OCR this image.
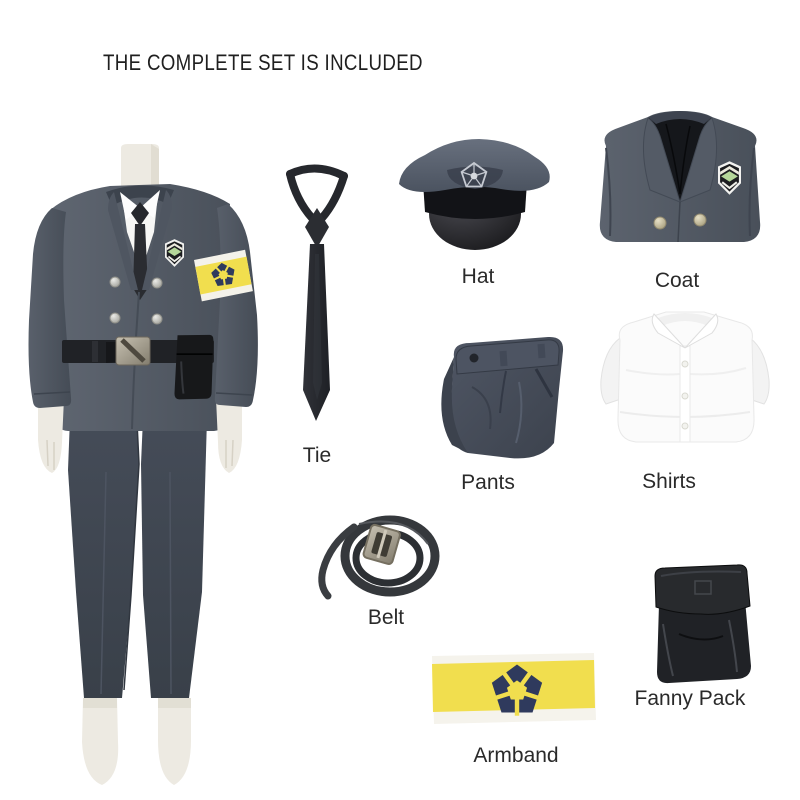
THE COMPLETE SET IS INCLUDED
Tie
Hat	Coat
Pants	Shirts
Belt
Fanny Pack
Armband
